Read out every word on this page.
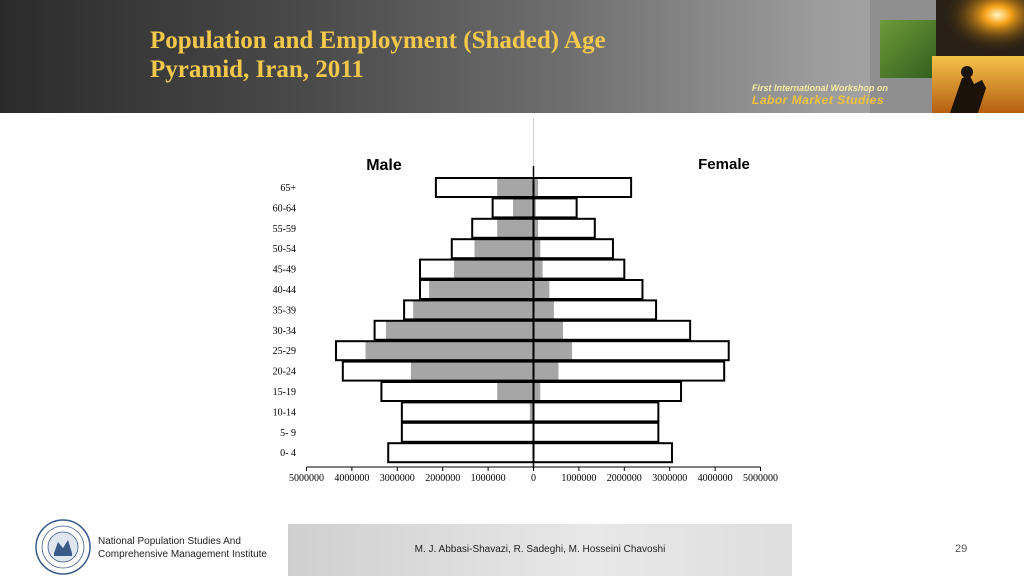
Population and Employment (Shaded) Age
Pyramid, Iran, 2011
First International Workshop on
Labor Market Studies
65+
60-64
55-59
50-54
45-49
40-44
35-39
30-34
25-29
20-24
15-19
10-14
5- 9
0- 4
5000000 4000000 3000000 2000000 1000000	0	1000000 2000000 3000000 4000000 5000000
Male	Female
National Population Studies And
Comprehensive Management Institute	M. J. Abbasi-Shavazi, R. Sadeghi, M. Hosseini Chavoshi	29
